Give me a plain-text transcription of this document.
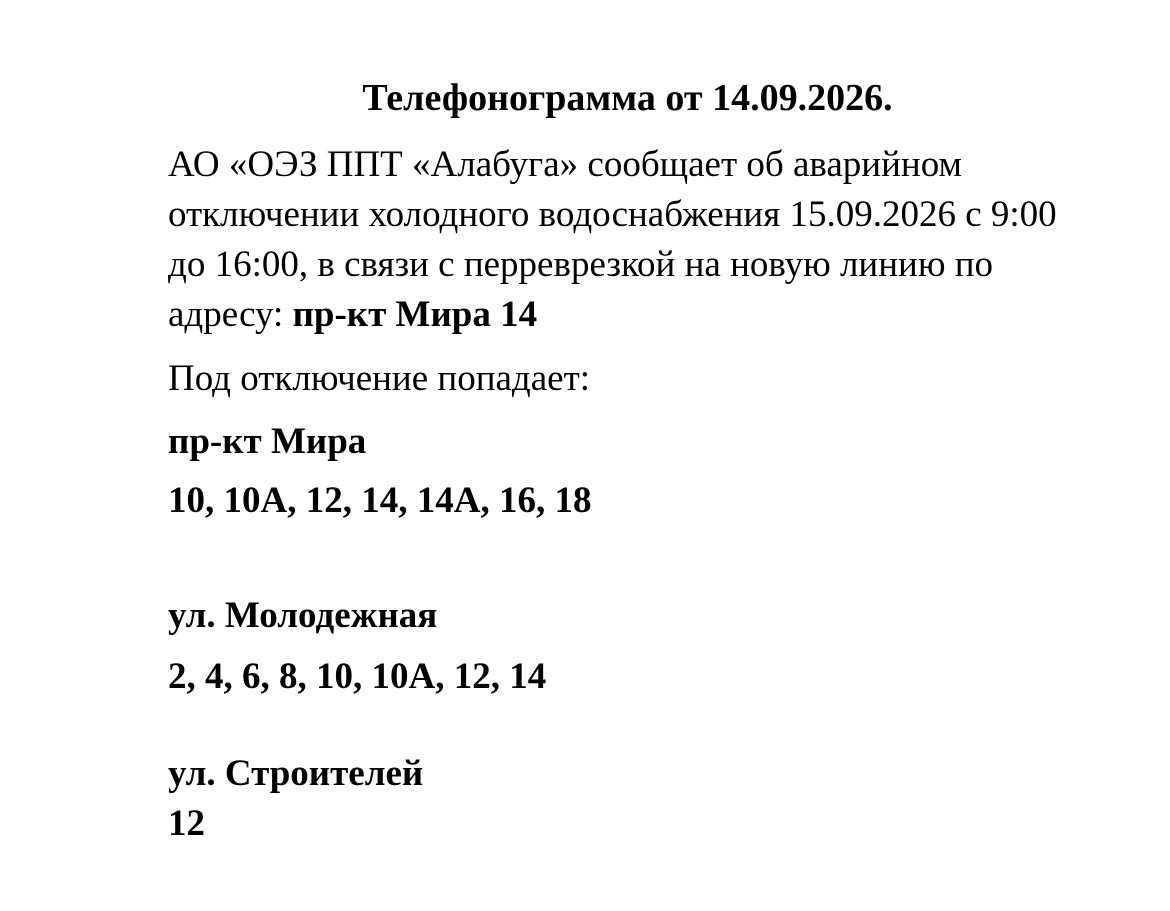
Телефонограмма от 14.09.2026.

АО «ОЭЗ ППТ «Алабуга» сообщает об аварийном отключении холодного водоснабжения 15.09.2026 с 9:00 до 16:00, в связи с перреврезкой на новую линию по адресу: пр-кт Мира 14

Под отключение попадает:

пр-кт Мира

10, 10А, 12, 14, 14А, 16, 18

ул. Молодежная

2, 4, 6, 8, 10, 10А, 12, 14

ул. Строителей

12
